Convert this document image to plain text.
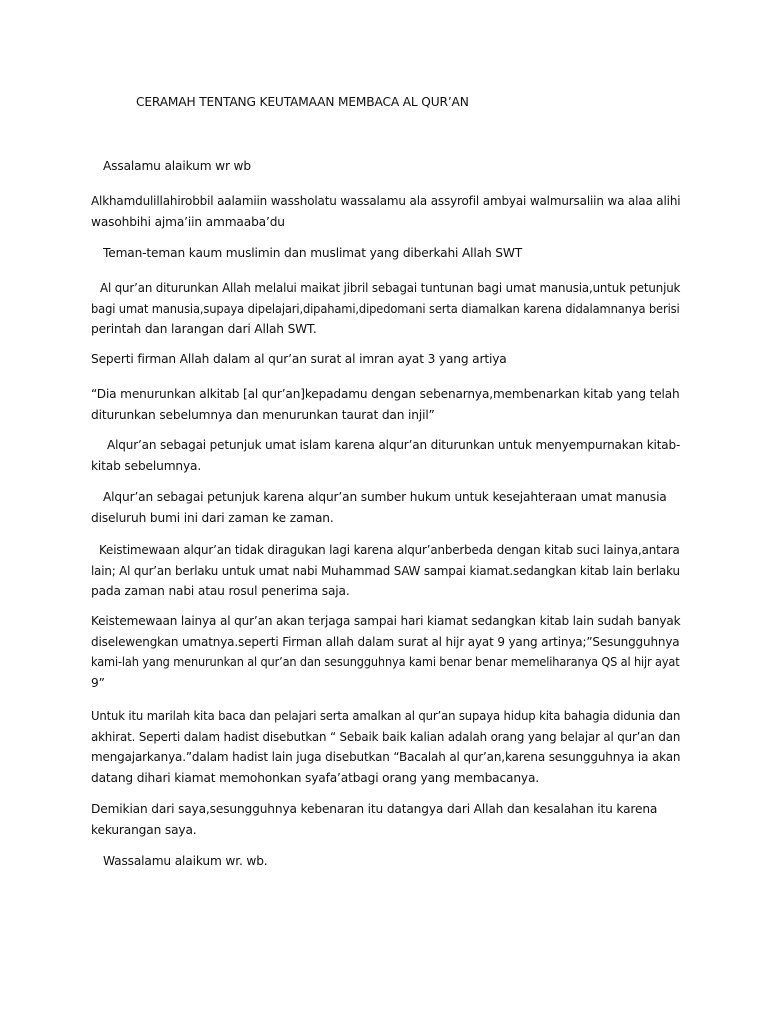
CERAMAH TENTANG KEUTAMAAN MEMBACA AL QUR’AN
Assalamu alaikum wr wb
Alkhamdulillahirobbil aalamiin wassholatu wassalamu ala assyrofil ambyai walmursaliin wa alaa alihi
wasohbihi ajma’iin ammaaba’du
Teman-teman kaum muslimin dan muslimat yang diberkahi Allah SWT
Al qur’an diturunkan Allah melalui maikat jibril sebagai tuntunan bagi umat manusia,untuk petunjuk
bagi umat manusia,supaya dipelajari,dipahami,dipedomani serta diamalkan karena didalamnanya berisi
perintah dan larangan dari Allah SWT.
Seperti firman Allah dalam al qur’an surat al imran ayat 3 yang artiya
“Dia menurunkan alkitab [al qur’an]kepadamu dengan sebenarnya,membenarkan kitab yang telah
diturunkan sebelumnya dan menurunkan taurat dan injil”
Alqur’an sebagai petunjuk umat islam karena alqur’an diturunkan untuk menyempurnakan kitab-
kitab sebelumnya.
Alqur’an sebagai petunjuk karena alqur’an sumber hukum untuk kesejahteraan umat manusia
diseluruh bumi ini dari zaman ke zaman.
Keistimewaan alqur’an tidak diragukan lagi karena alqur’anberbeda dengan kitab suci lainya,antara
lain; Al qur’an berlaku untuk umat nabi Muhammad SAW sampai kiamat.sedangkan kitab lain berlaku
pada zaman nabi atau rosul penerima saja.
Keistemewaan lainya al qur’an akan terjaga sampai hari kiamat sedangkan kitab lain sudah banyak
diselewengkan umatnya.seperti Firman allah dalam surat al hijr ayat 9 yang artinya;”Sesungguhnya
kami-lah yang menurunkan al qur’an dan sesungguhnya kami benar benar memeliharanya QS al hijr ayat
9”
Untuk itu marilah kita baca dan pelajari serta amalkan al qur’an supaya hidup kita bahagia didunia dan
akhirat. Seperti dalam hadist disebutkan “ Sebaik baik kalian adalah orang yang belajar al qur’an dan
mengajarkanya.”dalam hadist lain juga disebutkan “Bacalah al qur’an,karena sesungguhnya ia akan
datang dihari kiamat memohonkan syafa’atbagi orang yang membacanya.
Demikian dari saya,sesungguhnya kebenaran itu datangya dari Allah dan kesalahan itu karena
kekurangan saya.
Wassalamu alaikum wr. wb.
